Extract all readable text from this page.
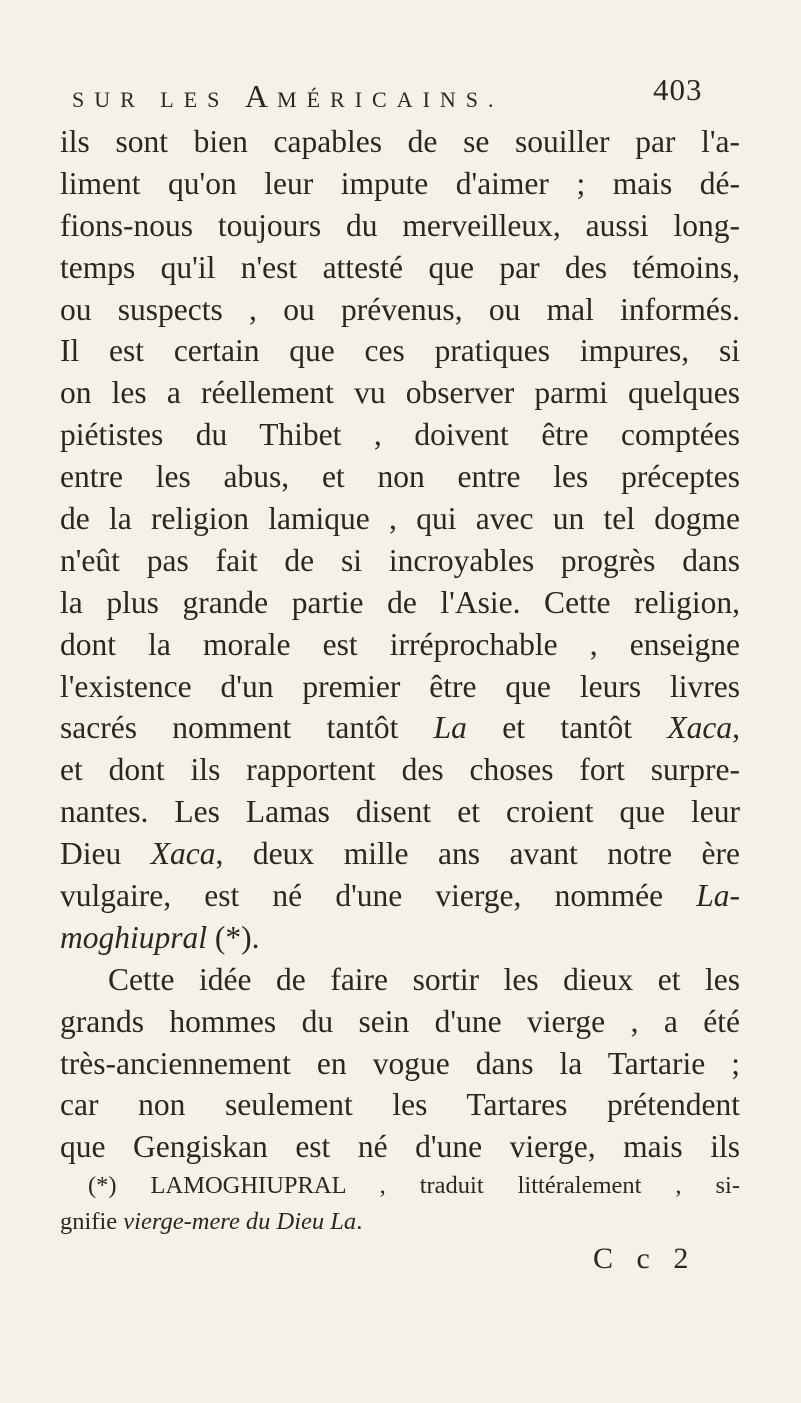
SUR LES AMÉRICAINS.	403
ils sont bien capables de se souiller par l'a-
liment qu'on leur impute d'aimer ; mais dé-
fions-nous toujours du merveilleux, aussi long-
temps qu'il n'est attesté que par des témoins,
ou suspects , ou prévenus, ou mal informés.
Il est certain que ces pratiques impures, si
on les a réellement vu observer parmi quelques
piétistes du Thibet , doivent être comptées
entre les abus, et non entre les préceptes
de la religion lamique , qui avec un tel dogme
n'eût pas fait de si incroyables progrès dans
la plus grande partie de l'Asie. Cette religion,
dont la morale est irréprochable , enseigne
l'existence d'un premier être que leurs livres
sacrés nomment tantôt La et tantôt Xaca,
et dont ils rapportent des choses fort surpre-
nantes. Les Lamas disent et croient que leur
Dieu Xaca, deux mille ans avant notre ère
vulgaire, est né d'une vierge, nommée La-
moghiupral (*).
Cette idée de faire sortir les dieux et les
grands hommes du sein d'une vierge , a été
très-anciennement en vogue dans la Tartarie ;
car non seulement les Tartares prétendent
que Gengiskan est né d'une vierge, mais ils
(*) LAMOGHIUPRAL , traduit littéralement , si-
gnifie vierge-mere du Dieu La.
C c 2
